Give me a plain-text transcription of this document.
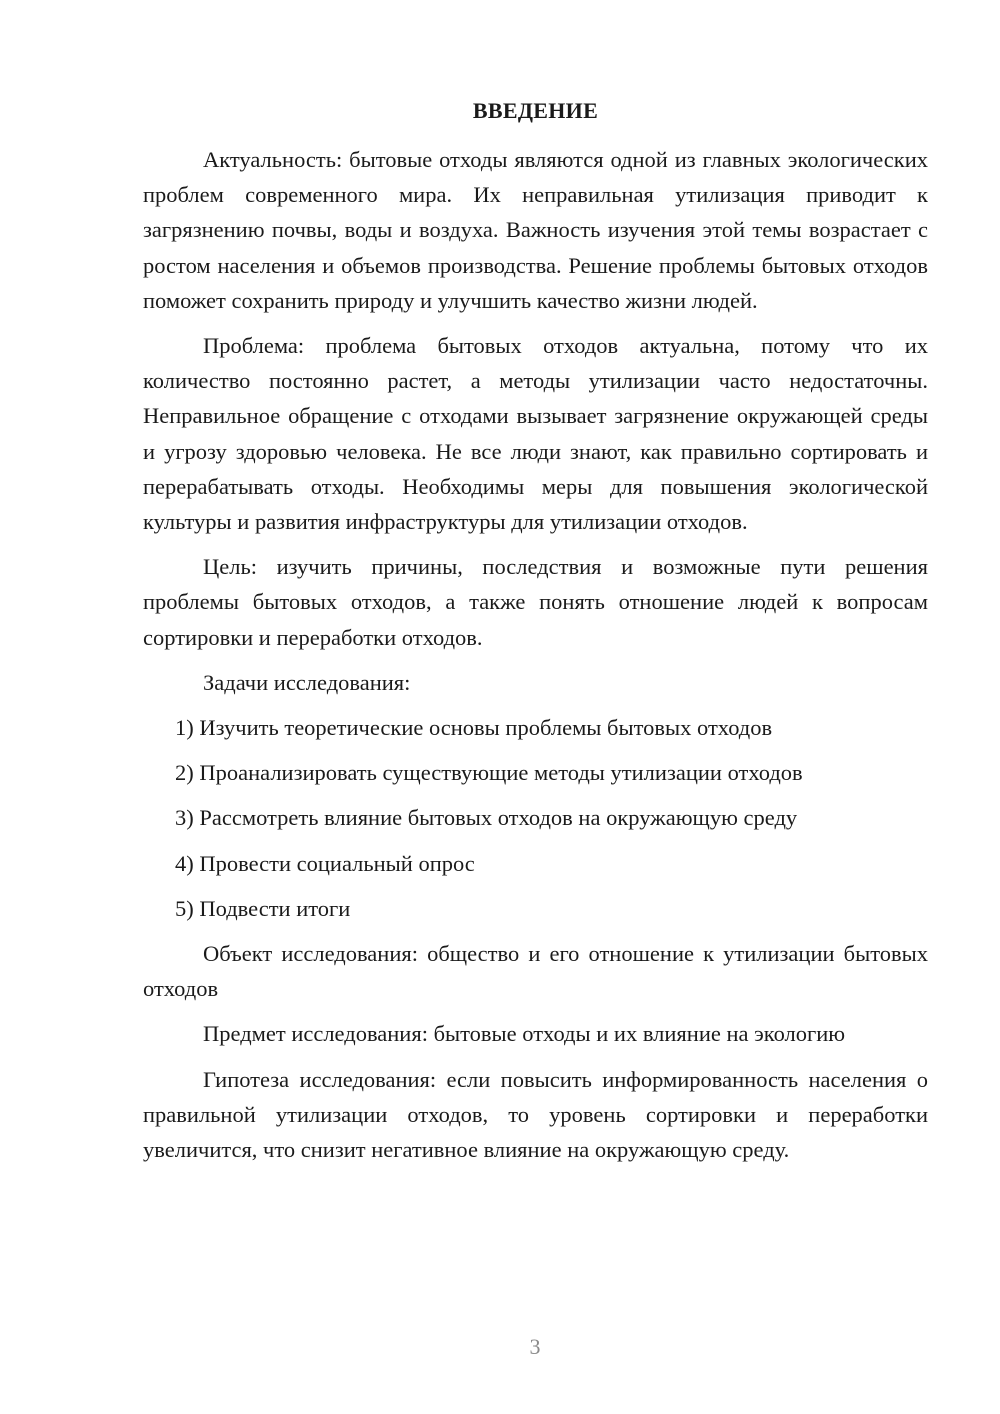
ВВЕДЕНИЕ

Актуальность: бытовые отходы являются одной из главных экологических проблем современного мира. Их неправильная утилизация приводит к загрязнению почвы, воды и воздуха. Важность изучения этой темы возрастает с ростом населения и объемов производства. Решение проблемы бытовых отходов поможет сохранить природу и улучшить качество жизни людей.

Проблема: проблема бытовых отходов актуальна, потому что их количество постоянно растет, а методы утилизации часто недостаточны. Неправильное обращение с отходами вызывает загрязнение окружающей среды и угрозу здоровью человека. Не все люди знают, как правильно сортировать и перерабатывать отходы. Необходимы меры для повышения экологической культуры и развития инфраструктуры для утилизации отходов.

Цель: изучить причины, последствия и возможные пути решения проблемы бытовых отходов, а также понять отношение людей к вопросам сортировки и переработки отходов.

Задачи исследования:

1) Изучить теоретические основы проблемы бытовых отходов
2) Проанализировать существующие методы утилизации отходов
3) Рассмотреть влияние бытовых отходов на окружающую среду
4) Провести социальный опрос
5) Подвести итоги

Объект исследования: общество и его отношение к утилизации бытовых отходов

Предмет исследования: бытовые отходы и их влияние на экологию

Гипотеза исследования: если повысить информированность населения о правильной утилизации отходов, то уровень сортировки и переработки увеличится, что снизит негативное влияние на окружающую среду.

3
